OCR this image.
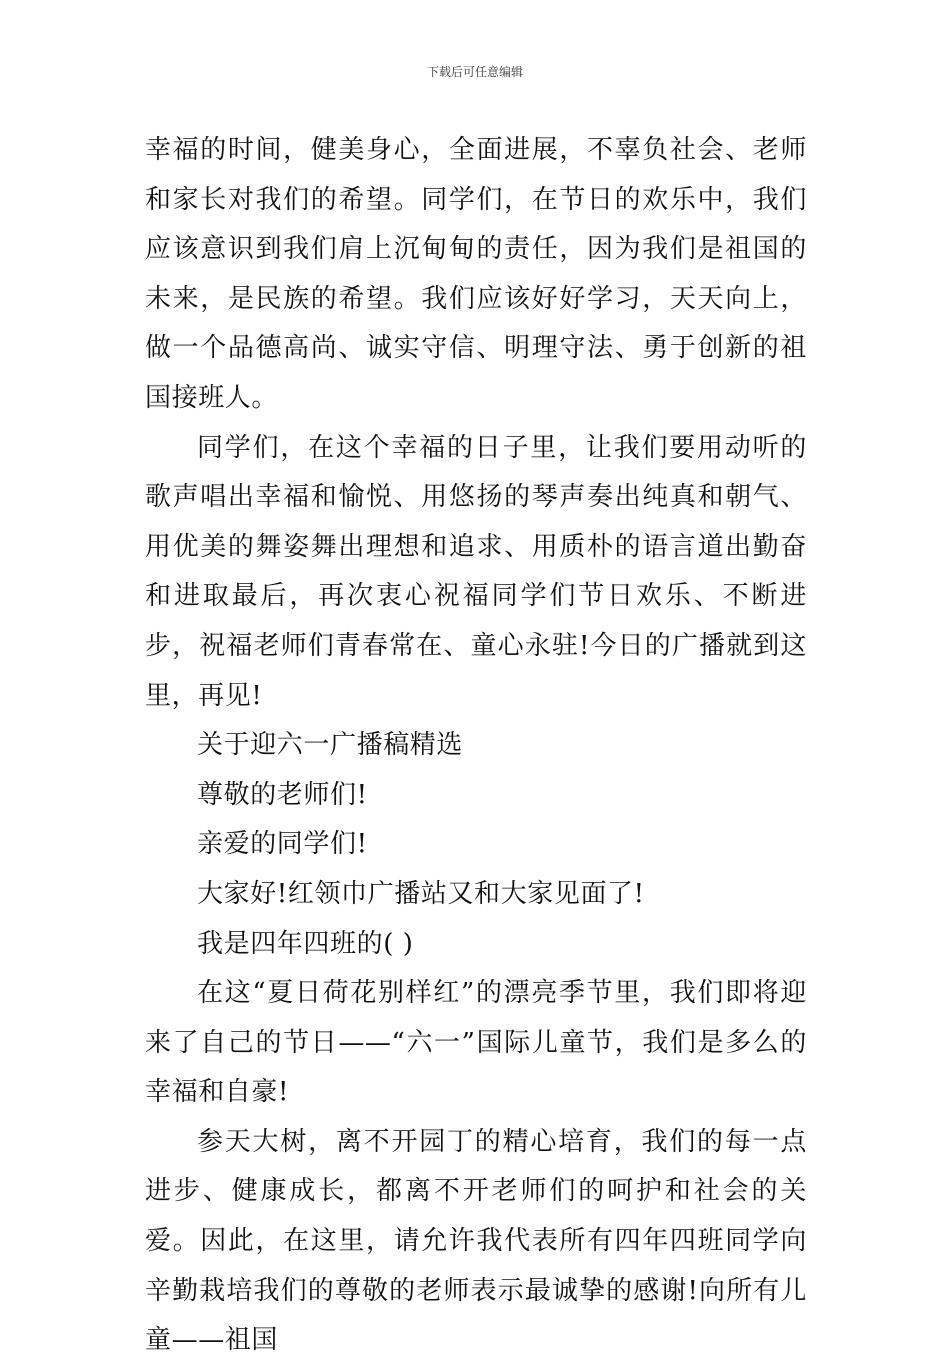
下载后可任意编辑

幸福的时间，健美身心，全面进展，不辜负社会、老师和家长对我们的希望。同学们，在节日的欢乐中，我们应该意识到我们肩上沉甸甸的责任，因为我们是祖国的未来，是民族的希望。我们应该好好学习，天天向上，做一个品德高尚、诚实守信、明理守法、勇于创新的祖国接班人。

同学们，在这个幸福的日子里，让我们要用动听的歌声唱出幸福和愉悦、用悠扬的琴声奏出纯真和朝气、用优美的舞姿舞出理想和追求、用质朴的语言道出勤奋和进取最后，再次衷心祝福同学们节日欢乐、不断进步，祝福老师们青春常在、童心永驻!今日的广播就到这里，再见!

关于迎六一广播稿精选

尊敬的老师们!

亲爱的同学们!

大家好!红领巾广播站又和大家见面了!

我是四年四班的( )

在这“夏日荷花别样红”的漂亮季节里，我们即将迎来了自己的节日——“六一”国际儿童节，我们是多么的幸福和自豪!

参天大树，离不开园丁的精心培育，我们的每一点进步、健康成长，都离不开老师们的呵护和社会的关爱。因此，在这里，请允许我代表所有四年四班同学向辛勤栽培我们的尊敬的老师表示最诚挚的感谢!向所有儿童——祖国
